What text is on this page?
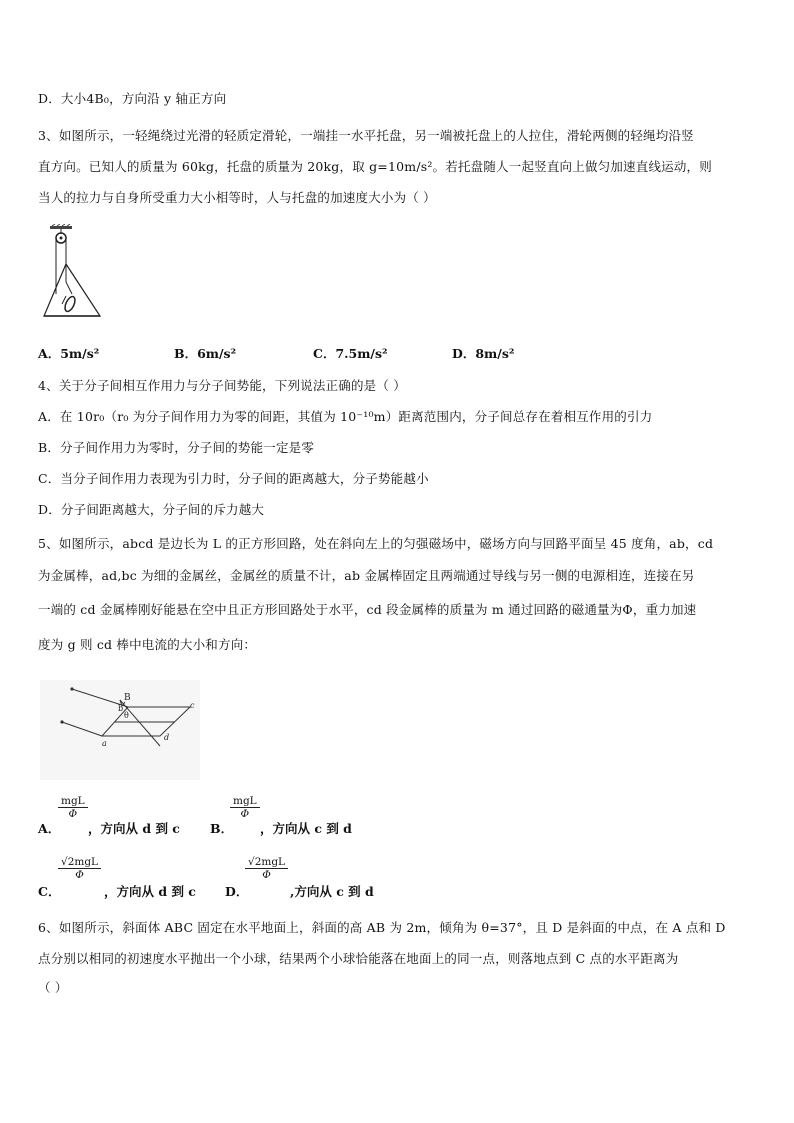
D．大小4B₀，方向沿 y 轴正方向
3、如图所示，一轻绳绕过光滑的轻质定滑轮，一端挂一水平托盘，另一端被托盘上的人拉住，滑轮两侧的轻绳均沿竖
直方向。已知人的质量为 60kg，托盘的质量为 20kg，取 g=10m/s²。若托盘随人一起竖直向上做匀加速直线运动，则
当人的拉力与自身所受重力大小相等时，人与托盘的加速度大小为（ ）
A．5m/s²	B．6m/s²	C．7.5m/s²	D．8m/s²
4、关于分子间相互作用力与分子间势能，下列说法正确的是（ ）
A．在 10r₀（r₀ 为分子间作用力为零的间距，其值为 10⁻¹⁰m）距离范围内，分子间总存在着相互作用的引力
B．分子间作用力为零时，分子间的势能一定是零
C．当分子间作用力表现为引力时，分子间的距离越大，分子势能越小
D．分子间距离越大，分子间的斥力越大
5、如图所示，abcd 是边长为 L 的正方形回路，处在斜向左上的匀强磁场中，磁场方向与回路平面呈 45 度角，ab，cd
为金属棒，ad,bc 为细的金属丝，金属丝的质量不计，ab 金属棒固定且两端通过导线与另一侧的电源相连，连接在另
一端的 cd 金属棒刚好能悬在空中且正方形回路处于水平，cd 段金属棒的质量为 m 通过回路的磁通量为Φ，重力加速
度为 g 则 cd 棒中电流的大小和方向：
B
θ
b
a
c
d
A．
mgL
Φ
，方向从 d 到 c B．
mgL
Φ
，方向从 c 到 d
C．
√2mgL
Φ
，方向从 d 到 c D．
√2mgL
Φ
,方向从 c 到 d
6、如图所示，斜面体 ABC 固定在水平地面上，斜面的高 AB 为 2m，倾角为 θ=37°，且 D 是斜面的中点，在 A 点和 D
点分别以相同的初速度水平抛出一个小球，结果两个小球恰能落在地面上的同一点，则落地点到 C 点的水平距离为
（ ）
